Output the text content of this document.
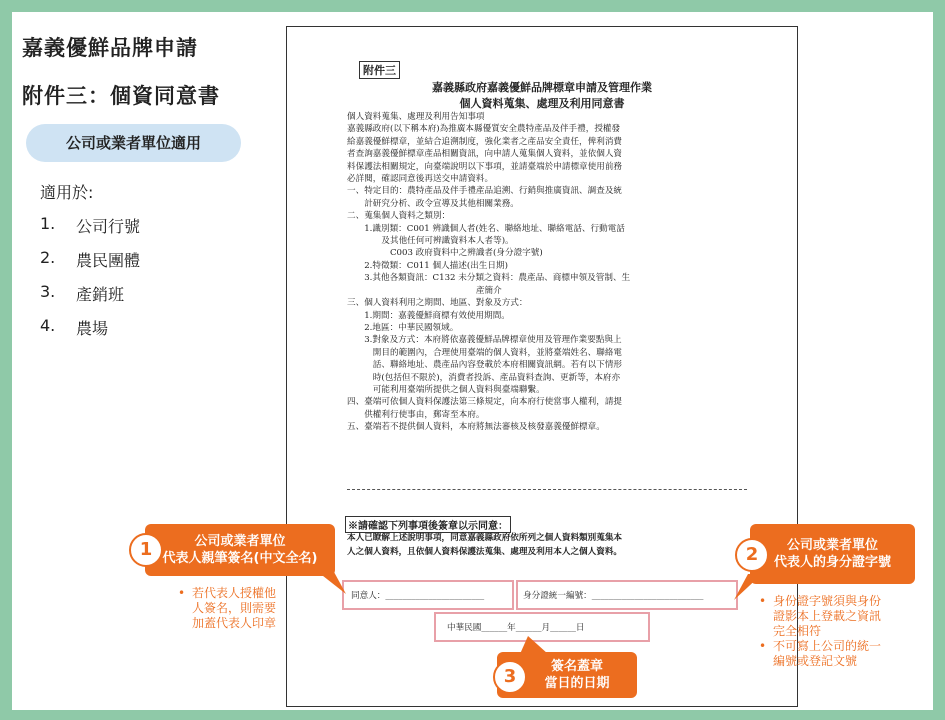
嘉義優鮮品牌申請
附件三：個資同意書
公司或業者單位適用
適用於:
1.	公司行號
2.	農民團體
3.	產銷班
4.	農場
附件三
嘉義縣政府嘉義優鮮品牌標章申請及管理作業
個人資料蒐集、處理及利用同意書

個人資料蒐集、處理及利用告知事項

嘉義縣政府(以下稱本府)為推廣本縣優質安全農特產品及伴手禮，授權發

給嘉義優鮮標章，並結合追溯制度，強化業者之產品安全責任，俾利消費

者查詢嘉義優鮮標章產品相關資訊，向申請人蒐集個人資料，並依個人資

料保護法相關規定，向臺端說明以下事項，並請臺端於申請標章使用前務

必詳閱，確認同意後再送交申請資料。

一、特定目的：農特產品及伴手禮產品追溯、行銷與推廣資訊、調查及統

　　計研究分析、政令宣導及其他相關業務。

二、蒐集個人資料之類別：

　　1.識別類：C001 辨識個人者(姓名、聯絡地址、聯絡電話、行動電話

　　　　及其他任何可辨識資料本人者等)。

　　　　　C003 政府資料中之辨識者(身分證字號)

　　2.特徵類：C011 個人描述(出生日期)

　　3.其他各類資訊：C132 未分類之資料：農產品、商標申領及管制、生

　　　　　　　　　　　　　　　產簡介

三、個人資料利用之期間、地區、對象及方式：

　　1.期間：嘉義優鮮商標有效使用期間。

　　2.地區：中華民國領域。

　　3.對象及方式：本府將依嘉義優鮮品牌標章使用及管理作業要點與上

　　　開目的範圍內，合理使用臺端的個人資料，並將臺端姓名、聯絡電

　　　話、聯絡地址、農產品內容登載於本府相關資訊網。若有以下情形

　　　時(包括但不限於)，消費者投訴、產品資料查詢、更新等，本府亦

　　　可能利用臺端所提供之個人資料與臺端聯繫。

四、臺端可依個人資料保護法第三條規定，向本府行使當事人權利，請提

　　供權利行使事由，郵寄至本府。

五、臺端若不提供個人資料，本府將無法審核及核發嘉義優鮮標章。

※請確認下列事項後簽章以示同意：
本人已瞭解上述說明事項，同意嘉義縣政府依所列之個人資料類別蒐集本
人之個人資料，且依個人資料保護法蒐集、處理及利用本人之個人資料。
同意人：_______________________	身分證統一編號：__________________________
中華民國______年______月______日
公司或業者單位
代表人親筆簽名(中文全名)
1
• 若代表人授權他
人簽名，則需要
加蓋代表人印章
公司或業者單位
代表人的身分證字號
2
• 身份證字號須與身份
證影本上登載之資訊
完全相符
• 不可寫上公司的統一
編號或登記文號
簽名蓋章
當日的日期
3
